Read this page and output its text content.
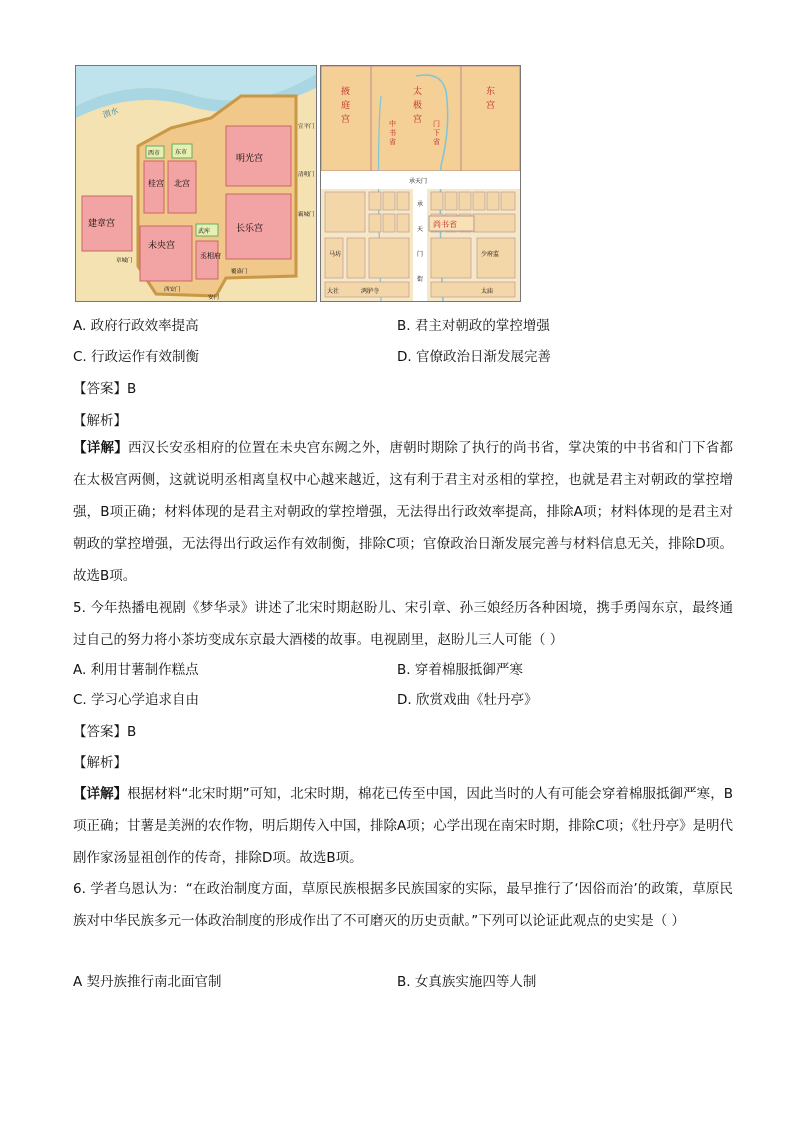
渭水
建章宫
明光宫
长乐宫
桂宫 北宫
西市 东市
未央宫
武库
丞相府
宣平门
清明门
霸城门
覆盎门
安门
西安门
章城门
掖庭宫
太极宫
东宫
中书省
门下省
承天门
承天门街
尚书省
马坊	少府监
大社	鸿胪寺	太庙
A. 政府行政效率提高	B. 君主对朝政的掌控增强
C. 行政运作有效制衡	D. 官僚政治日渐发展完善
【答案】B
【解析】
【详解】西汉长安丞相府的位置在未央宫东阙之外，唐朝时期除了执行的尚书省，掌决策的中书省和门下省都在太极宫两侧，这就说明丞相离皇权中心越来越近，这有利于君主对丞相的掌控，也就是君主对朝政的掌控增强，B项正确；材料体现的是君主对朝政的掌控增强，无法得出行政效率提高，排除A项；材料体现的是君主对朝政的掌控增强，无法得出行政运作有效制衡，排除C项；官僚政治日渐发展完善与材料信息无关，排除D项。故选B项。
5. 今年热播电视剧《梦华录》讲述了北宋时期赵盼儿、宋引章、孙三娘经历各种困境，携手勇闯东京，最终通过自己的努力将小茶坊变成东京最大酒楼的故事。电视剧里，赵盼儿三人可能（ ）
A. 利用甘薯制作糕点	B. 穿着棉服抵御严寒
C. 学习心学追求自由	D. 欣赏戏曲《牡丹亭》
【答案】B
【解析】
【详解】根据材料“北宋时期”可知，北宋时期，棉花已传至中国，因此当时的人有可能会穿着棉服抵御严寒，B项正确；甘薯是美洲的农作物，明后期传入中国，排除A项；心学出现在南宋时期，排除C项；《牡丹亭》是明代剧作家汤显祖创作的传奇，排除D项。故选B项。
6. 学者乌恩认为：“在政治制度方面，草原民族根据多民族国家的实际，最早推行了‘因俗而治’的政策，草原民族对中华民族多元一体政治制度的形成作出了不可磨灭的历史贡献。”下列可以论证此观点的史实是（ ）
A 契丹族推行南北面官制	B. 女真族实施四等人制
